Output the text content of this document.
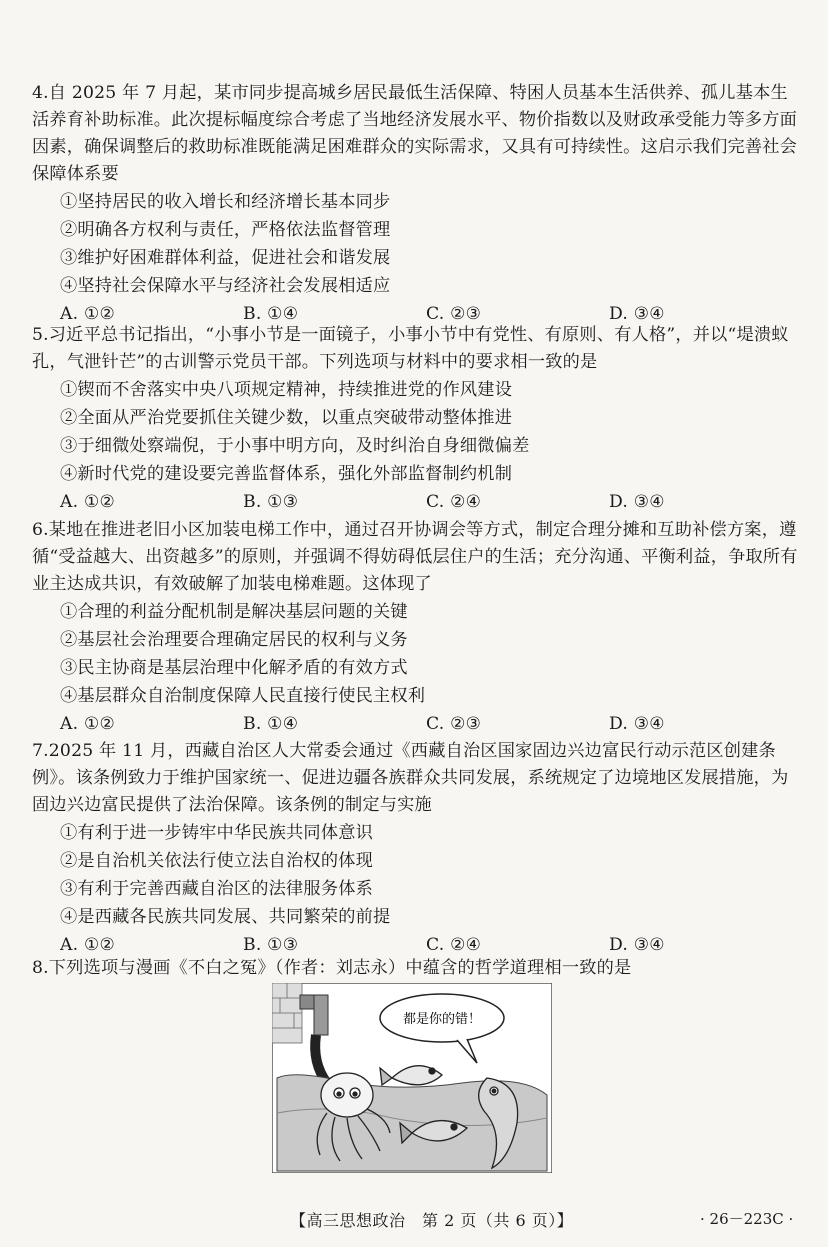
4.自 2025 年 7 月起，某市同步提高城乡居民最低生活保障、特困人员基本生活供养、孤儿基本生活养育补助标准。此次提标幅度综合考虑了当地经济发展水平、物价指数以及财政承受能力等多方面因素，确保调整后的救助标准既能满足困难群众的实际需求，又具有可持续性。这启示我们完善社会保障体系要
①坚持居民的收入增长和经济增长基本同步
②明确各方权利与责任，严格依法监督管理
③维护好困难群体利益，促进社会和谐发展
④坚持社会保障水平与经济社会发展相适应
A. ①②	B. ①④	C. ②③	D. ③④
5.习近平总书记指出，“小事小节是一面镜子，小事小节中有党性、有原则、有人格”，并以“堤溃蚁孔，气泄针芒”的古训警示党员干部。下列选项与材料中的要求相一致的是
①锲而不舍落实中央八项规定精神，持续推进党的作风建设
②全面从严治党要抓住关键少数，以重点突破带动整体推进
③于细微处察端倪，于小事中明方向，及时纠治自身细微偏差
④新时代党的建设要完善监督体系，强化外部监督制约机制
A. ①②	B. ①③	C. ②④	D. ③④
6.某地在推进老旧小区加装电梯工作中，通过召开协调会等方式，制定合理分摊和互助补偿方案，遵循“受益越大、出资越多”的原则，并强调不得妨碍低层住户的生活；充分沟通、平衡利益，争取所有业主达成共识，有效破解了加装电梯难题。这体现了
①合理的利益分配机制是解决基层问题的关键
②基层社会治理要合理确定居民的权利与义务
③民主协商是基层治理中化解矛盾的有效方式
④基层群众自治制度保障人民直接行使民主权利
A. ①②	B. ①④	C. ②③	D. ③④
7.2025 年 11 月，西藏自治区人大常委会通过《西藏自治区国家固边兴边富民行动示范区创建条例》。该条例致力于维护国家统一、促进边疆各族群众共同发展，系统规定了边境地区发展措施，为固边兴边富民提供了法治保障。该条例的制定与实施
①有利于进一步铸牢中华民族共同体意识
②是自治机关依法行使立法自治权的体现
③有利于完善西藏自治区的法律服务体系
④是西藏各民族共同发展、共同繁荣的前提
A. ①②	B. ①③	C. ②④	D. ③④
8.下列选项与漫画《不白之冤》（作者：刘志永）中蕴含的哲学道理相一致的是
都是你的错！
【高三思想政治　第 2 页（共 6 页）】	· 26－223C ·
